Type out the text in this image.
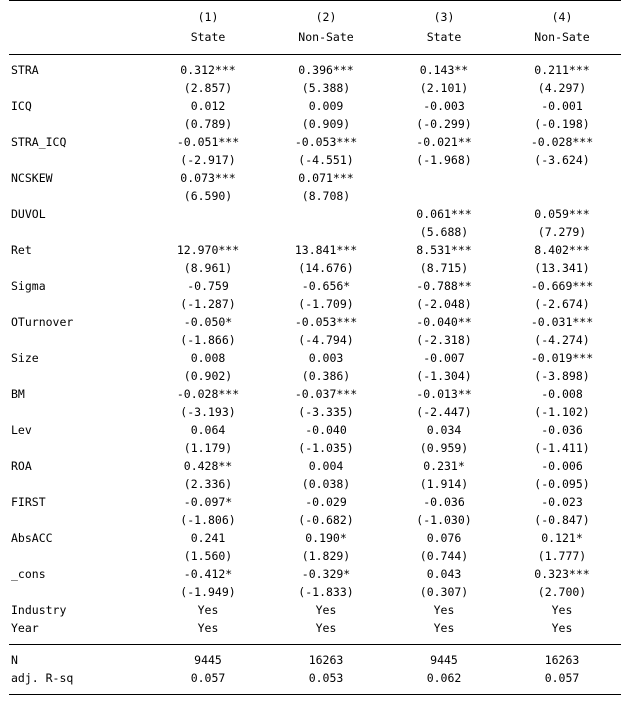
	(1)	(2)	(3)	(4)
	State	Non-Sate	State	Non-Sate

STRA	0.312***	0.396***	0.143**	0.211***
	(2.857)	(5.388)	(2.101)	(4.297)
ICQ	0.012	0.009	-0.003	-0.001
	(0.789)	(0.909)	(-0.299)	(-0.198)
STRA_ICQ	-0.051***	-0.053***	-0.021**	-0.028***
	(-2.917)	(-4.551)	(-1.968)	(-3.624)
NCSKEW	0.073***	0.071***		
	(6.590)	(8.708)		
DUVOL			0.061***	0.059***
			(5.688)	(7.279)
Ret	12.970***	13.841***	8.531***	8.402***
	(8.961)	(14.676)	(8.715)	(13.341)
Sigma	-0.759	-0.656*	-0.788**	-0.669***
	(-1.287)	(-1.709)	(-2.048)	(-2.674)
OTurnover	-0.050*	-0.053***	-0.040**	-0.031***
	(-1.866)	(-4.794)	(-2.318)	(-4.274)
Size	0.008	0.003	-0.007	-0.019***
	(0.902)	(0.386)	(-1.304)	(-3.898)
BM	-0.028***	-0.037***	-0.013**	-0.008
	(-3.193)	(-3.335)	(-2.447)	(-1.102)
Lev	0.064	-0.040	0.034	-0.036
	(1.179)	(-1.035)	(0.959)	(-1.411)
ROA	0.428**	0.004	0.231*	-0.006
	(2.336)	(0.038)	(1.914)	(-0.095)
FIRST	-0.097*	-0.029	-0.036	-0.023
	(-1.806)	(-0.682)	(-1.030)	(-0.847)
AbsACC	0.241	0.190*	0.076	0.121*
	(1.560)	(1.829)	(0.744)	(1.777)
_cons	-0.412*	-0.329*	0.043	0.323***
	(-1.949)	(-1.833)	(0.307)	(2.700)
Industry	Yes	Yes	Yes	Yes
Year	Yes	Yes	Yes	Yes

N	9445	16263	9445	16263
adj. R-sq	0.057	0.053	0.062	0.057
